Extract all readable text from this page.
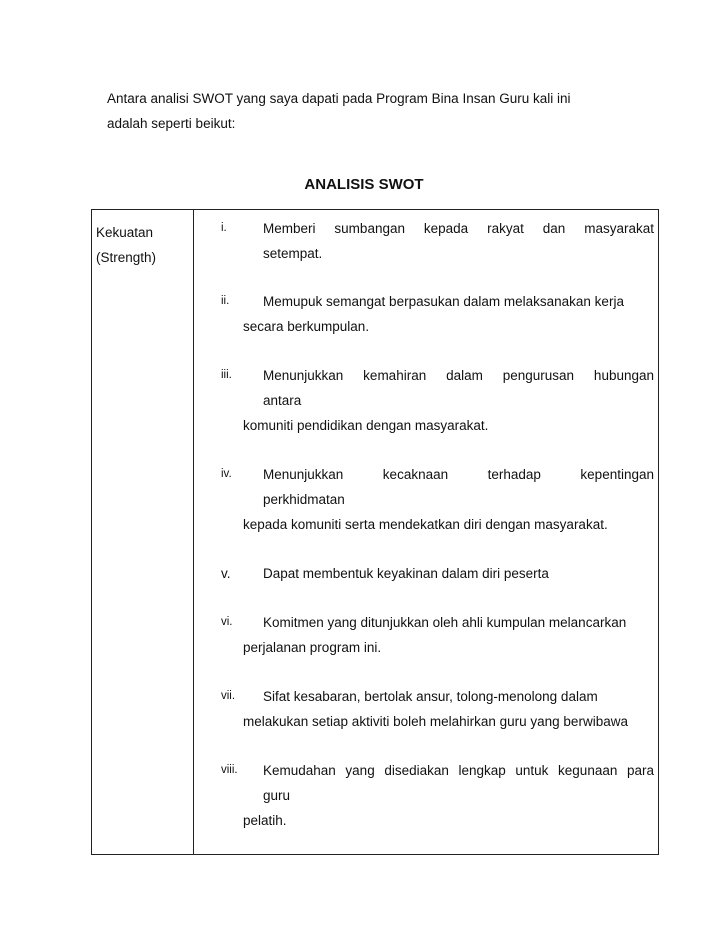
Antara analisi SWOT yang saya dapati pada Program Bina Insan Guru kali ini
adalah seperti beikut:
ANALISIS SWOT
Kekuatan
(Strength)
i.	Memberi sumbangan kepada rakyat dan masyarakat
setempat.
ii. Memupuk semangat berpasukan dalam melaksanakan kerja
secara berkumpulan.
iii. Menunjukkan kemahiran dalam pengurusan hubungan
antara
komuniti pendidikan dengan masyarakat.
iv. Menunjukkan kecaknaan terhadap kepentingan
perkhidmatan
kepada komuniti serta mendekatkan diri dengan masyarakat.
v. Dapat membentuk keyakinan dalam diri peserta
vi. Komitmen yang ditunjukkan oleh ahli kumpulan melancarkan
perjalanan program ini.
vii. Sifat kesabaran, bertolak ansur, tolong-menolong dalam
melakukan setiap aktiviti boleh melahirkan guru yang berwibawa
viii. Kemudahan yang disediakan lengkap untuk kegunaan para
guru
pelatih.
